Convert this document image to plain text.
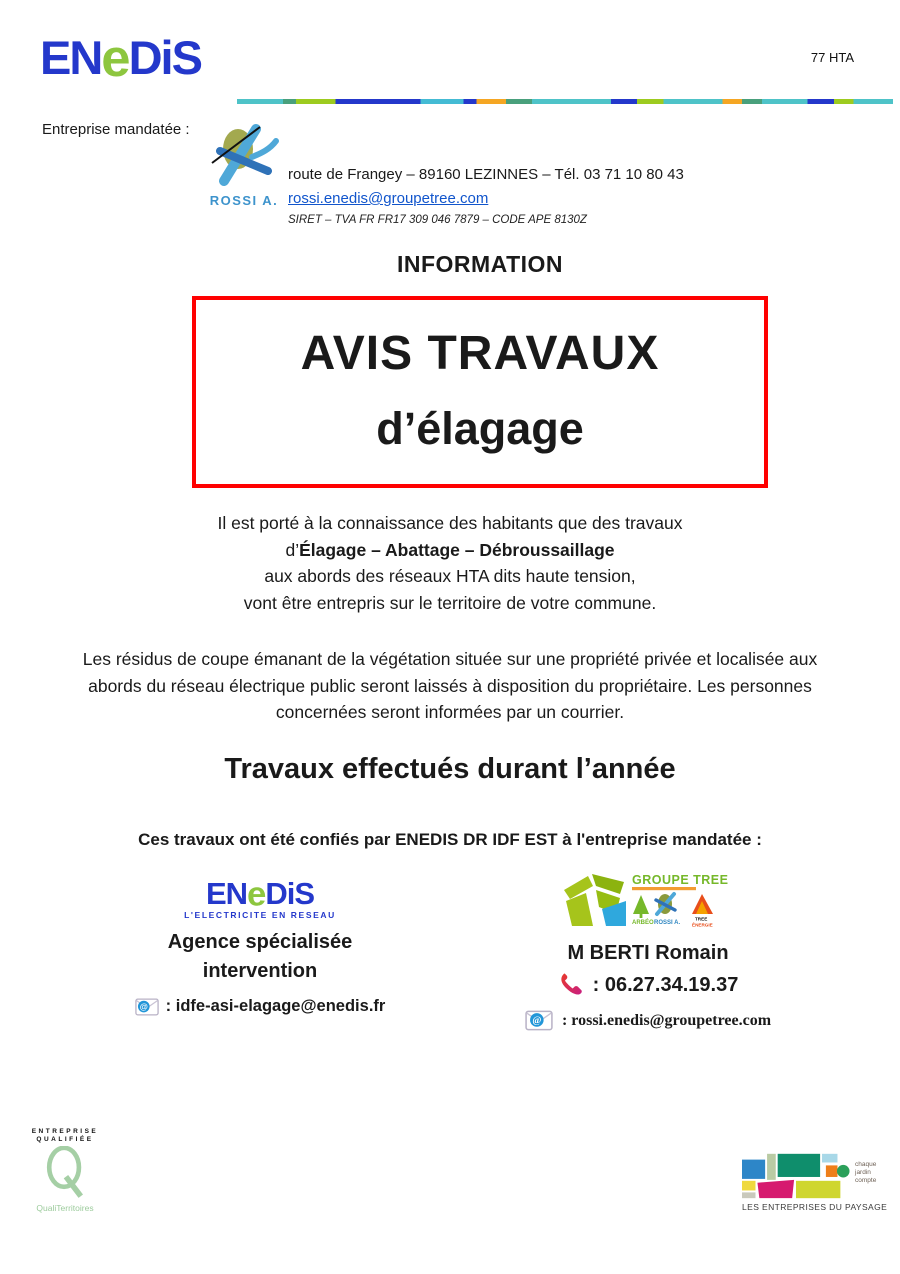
ENeDiS	77 HTA
Entreprise mandatée :
ROSSI A.
route de Frangey – 89160 LEZINNES – Tél. 03 71 10 80 43
rossi.enedis@groupetree.com
SIRET – TVA FR FR17 309 046 7879 – CODE APE 8130Z
INFORMATION
AVIS TRAVAUX
d’élagage
Il est porté à la connaissance des habitants que des travaux
d’Élagage – Abattage – Débroussaillage
aux abords des réseaux HTA dits haute tension,
vont être entrepris sur le territoire de votre commune.
Les résidus de coupe émanant de la végétation située sur une propriété privée et localisée aux abords du réseau électrique public seront laissés à disposition du propriétaire. Les personnes concernées seront informées par un courrier.
Travaux effectués durant l’année
Ces travaux ont été confiés par ENEDIS DR IDF EST à l'entreprise mandatée :
ENeDiS
L'ELECTRICITE EN RESEAU
Agence spécialisée
intervention
@ : idfe-asi-elagage@enedis.fr
GROUPE TREE
ARBÉO ROSSI A.
TREE
ÉNERGIE
M BERTI Romain
: 06.27.34.19.37
@ : rossi.enedis@groupetree.com
ENTREPRISE
QUALIFIÉE
QualiTerritoires
chaque
jardin
compte
LES ENTREPRISES DU PAYSAGE
